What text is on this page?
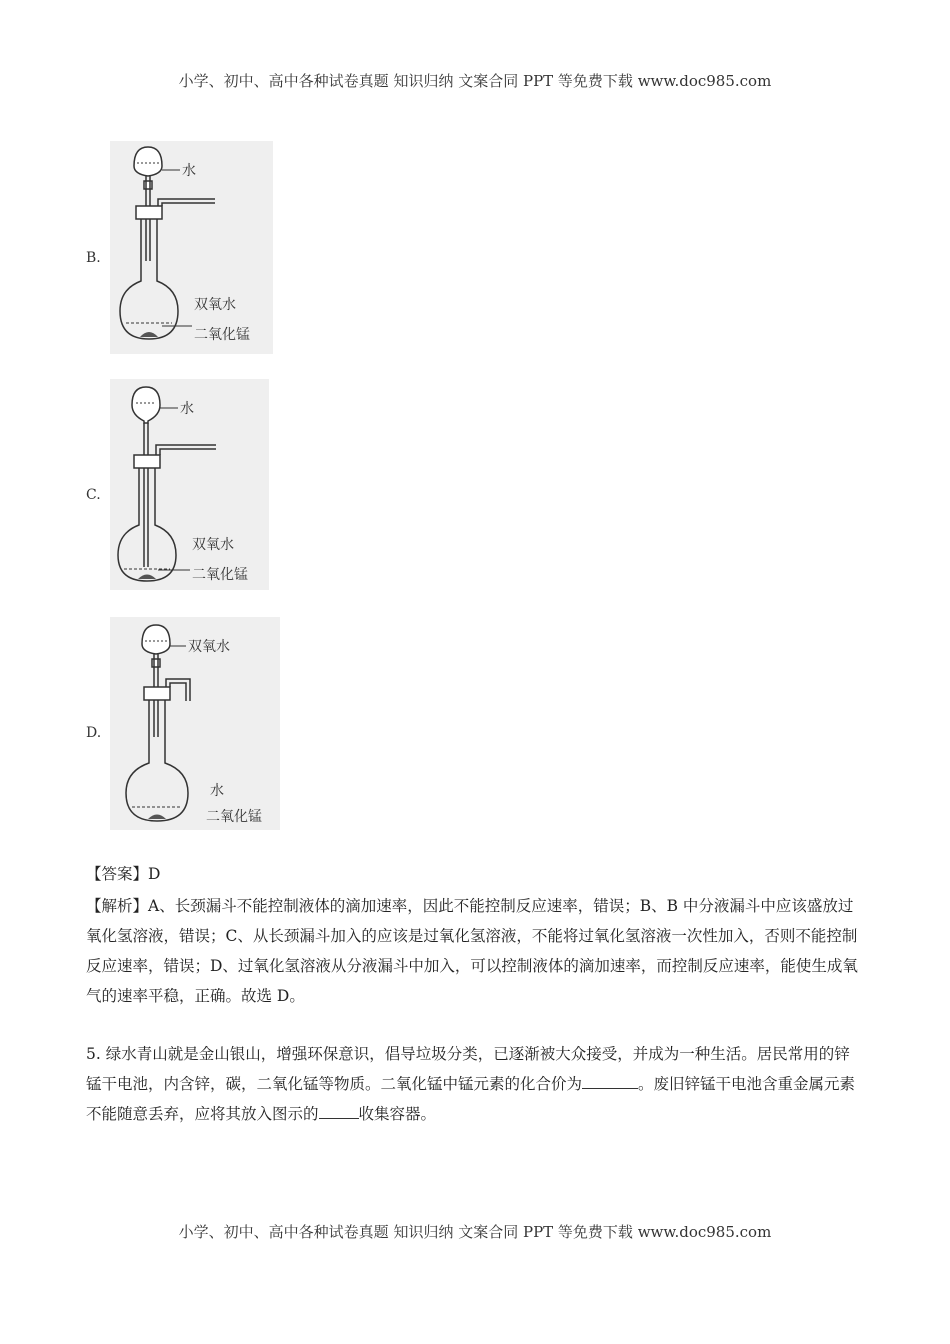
小学、初中、高中各种试卷真题 知识归纳 文案合同 PPT 等免费下载 www.doc985.com
B.
水
双氧水
二氧化锰
C.
水
双氧水
二氧化锰
D.
双氧水
水
二氧化锰
【答案】D
【解析】A、长颈漏斗不能控制液体的滴加速率，因此不能控制反应速率，错误；B、B 中分液漏斗中应该盛放过氧化氢溶液，错误；C、从长颈漏斗加入的应该是过氧化氢溶液，不能将过氧化氢溶液一次性加入，否则不能控制反应速率，错误；D、过氧化氢溶液从分液漏斗中加入，可以控制液体的滴加速率，而控制反应速率，能使生成氧气的速率平稳，正确。故选 D。
5. 绿水青山就是金山银山，增强环保意识，倡导垃圾分类，已逐渐被大众接受，并成为一种生活。居民常用的锌锰干电池，内含锌，碳，二氧化锰等物质。二氧化锰中锰元素的化合价为	。废旧锌锰干电池含重金属元素不能随意丢弃，应将其放入图示的	收集容器。
小学、初中、高中各种试卷真题 知识归纳 文案合同 PPT 等免费下载 www.doc985.com
